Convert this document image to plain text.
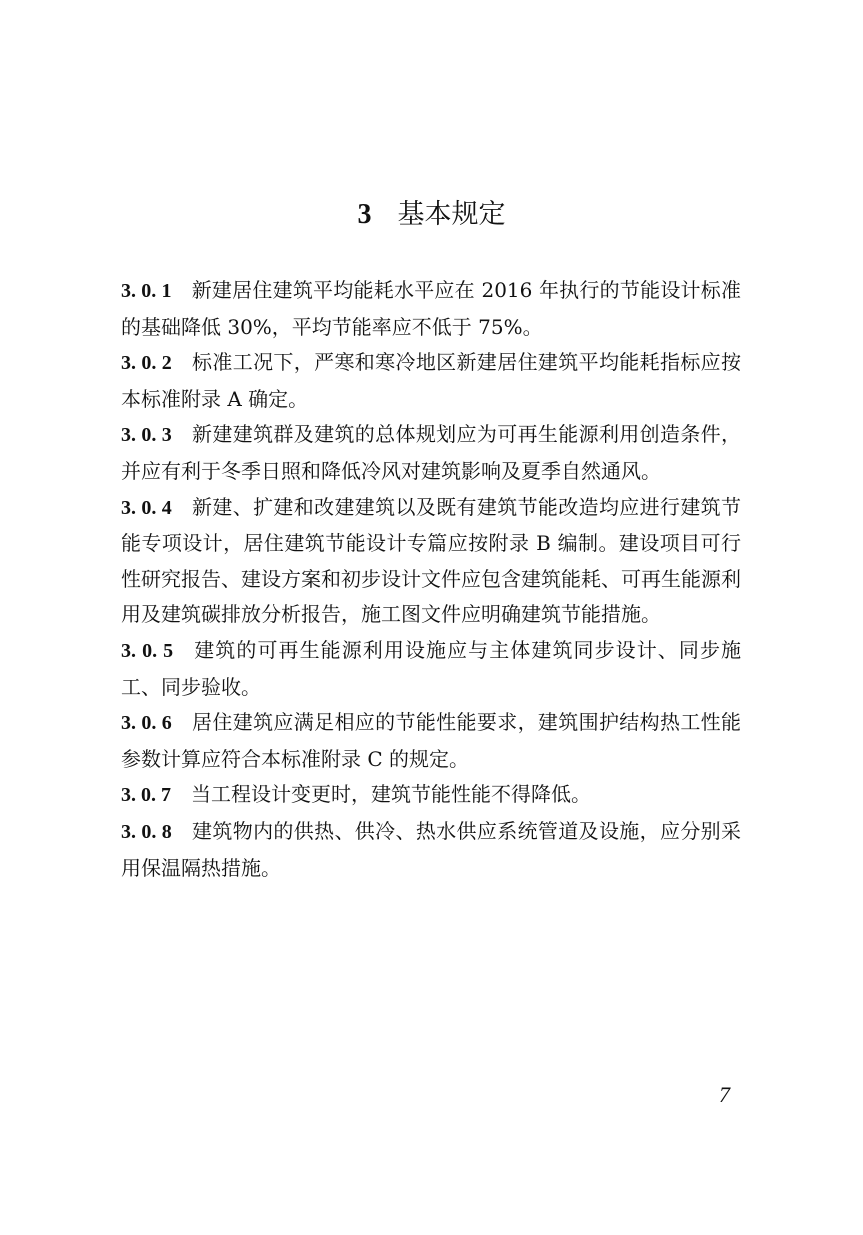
3 基本规定

3. 0. 1 新建居住建筑平均能耗水平应在 2016 年执行的节能设计标准的基础降低 30%，平均节能率应不低于 75%。

3. 0. 2 标准工况下，严寒和寒冷地区新建居住建筑平均能耗指标应按本标准附录 A 确定。

3. 0. 3 新建建筑群及建筑的总体规划应为可再生能源利用创造条件，并应有利于冬季日照和降低冷风对建筑影响及夏季自然通风。

3. 0. 4 新建、扩建和改建建筑以及既有建筑节能改造均应进行建筑节能专项设计，居住建筑节能设计专篇应按附录 B 编制。建设项目可行性研究报告、建设方案和初步设计文件应包含建筑能耗、可再生能源利用及建筑碳排放分析报告，施工图文件应明确建筑节能措施。

3. 0. 5 建筑的可再生能源利用设施应与主体建筑同步设计、同步施工、同步验收。

3. 0. 6 居住建筑应满足相应的节能性能要求，建筑围护结构热工性能参数计算应符合本标准附录 C 的规定。

3. 0. 7 当工程设计变更时，建筑节能性能不得降低。

3. 0. 8 建筑物内的供热、供冷、热水供应系统管道及设施，应分别采用保温隔热措施。

7
